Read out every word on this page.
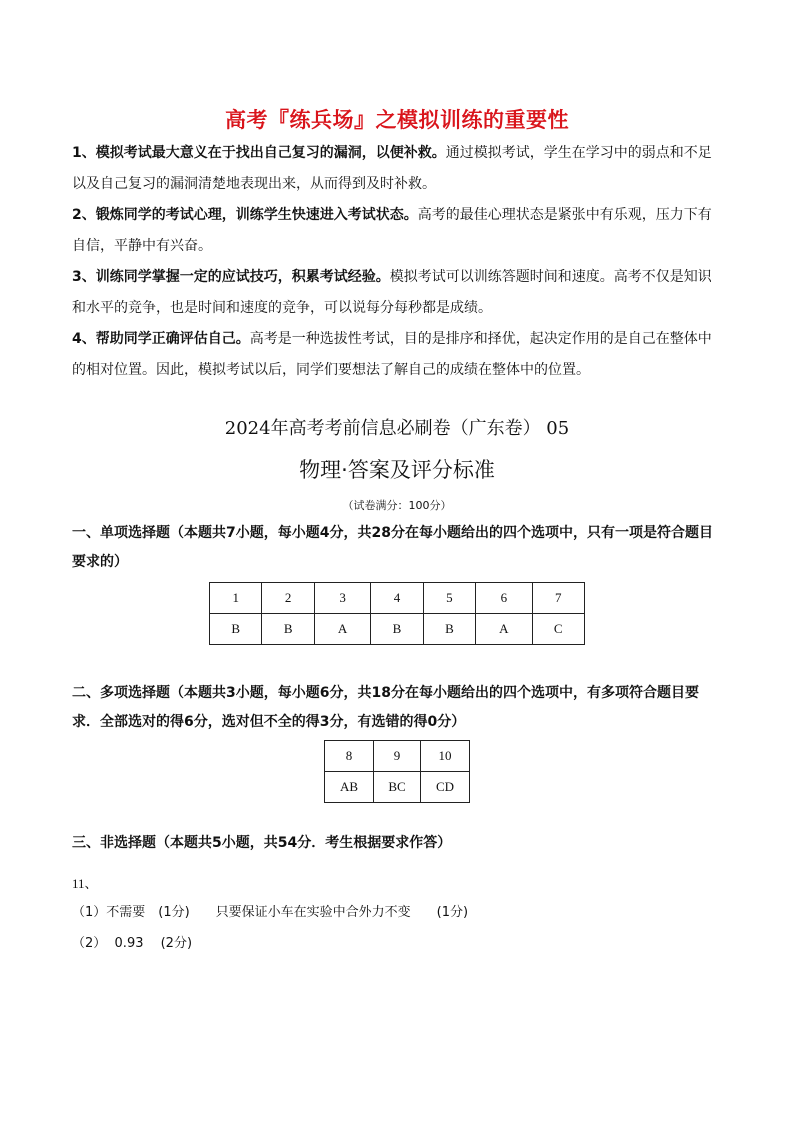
高考『练兵场』之模拟训练的重要性
1、模拟考试最大意义在于找出自己复习的漏洞，以便补救。通过模拟考试，学生在学习中的弱点和不足以及自己复习的漏洞清楚地表现出来，从而得到及时补救。
2、锻炼同学的考试心理，训练学生快速进入考试状态。高考的最佳心理状态是紧张中有乐观，压力下有自信，平静中有兴奋。
3、训练同学掌握一定的应试技巧，积累考试经验。模拟考试可以训练答题时间和速度。高考不仅是知识和水平的竞争，也是时间和速度的竞争，可以说每分每秒都是成绩。
4、帮助同学正确评估自己。高考是一种选拔性考试，目的是排序和择优，起决定作用的是自己在整体中的相对位置。因此，模拟考试以后，同学们要想法了解自己的成绩在整体中的位置。
2024年高考考前信息必刷卷（广东卷） 05
物理·答案及评分标准
（试卷满分：100分）
一、单项选择题（本题共7小题，每小题4分，共28分在每小题给出的四个选项中，只有一项是符合题目要求的）
1	2	3	4	5	6	7
B	B	A	B	B	A	C
二、多项选择题（本题共3小题，每小题6分，共18分在每小题给出的四个选项中，有多项符合题目要求．全部选对的得6分，选对但不全的得3分，有选错的得0分）
8	9	10
AB	BC	CD
三、非选择题（本题共5小题，共54分．考生根据要求作答）
11、
（1）不需要　(1分)　　只要保证小车在实验中合外力不变　　(1分)
（2）  0.93　 (2分)
